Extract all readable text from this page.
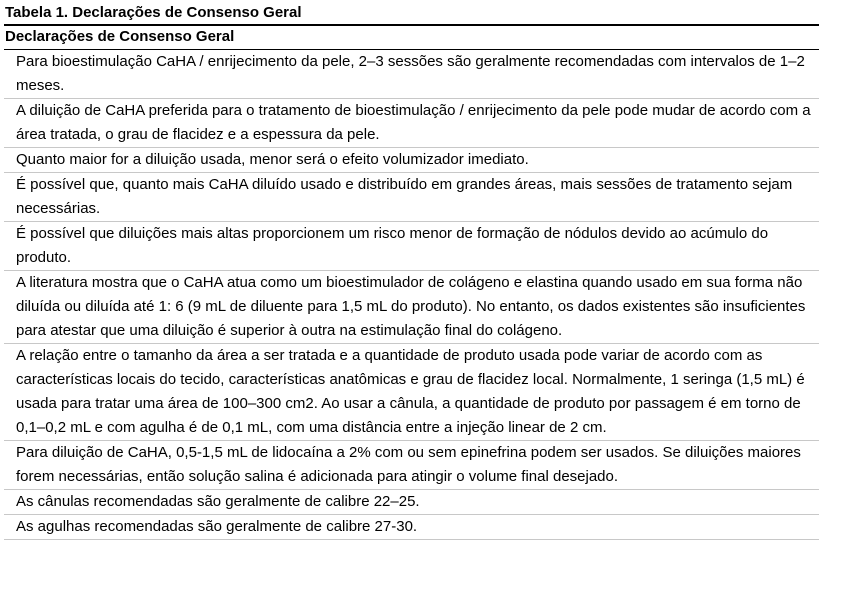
Tabela 1. Declarações de Consenso Geral
Declarações de Consenso Geral
Para bioestimulação CaHA / enrijecimento da pele, 2–3 sessões são geralmente recomendadas com intervalos de 1–2 meses.
A diluição de CaHA preferida para o tratamento de bioestimulação / enrijecimento da pele pode mudar de acordo com a área tratada, o grau de flacidez e a espessura da pele.
Quanto maior for a diluição usada, menor será o efeito volumizador imediato.
É possível que, quanto mais CaHA diluído usado e distribuído em grandes áreas, mais sessões de tratamento sejam necessárias.
É possível que diluições mais altas proporcionem um risco menor de formação de nódulos devido ao acúmulo do produto.
A literatura mostra que o CaHA atua como um bioestimulador de colágeno e elastina quando usado em sua forma não diluída ou diluída até 1: 6 (9 mL de diluente para 1,5 mL do produto). No entanto, os dados existentes são insuficientes para atestar que uma diluição é superior à outra na estimulação final do colágeno.
A relação entre o tamanho da área a ser tratada e a quantidade de produto usada pode variar de acordo com as características locais do tecido, características anatômicas e grau de flacidez local. Normalmente, 1 seringa (1,5 mL) é usada para tratar uma área de 100–300 cm2. Ao usar a cânula, a quantidade de produto por passagem é em torno de 0,1–0,2 mL e com agulha é de 0,1 mL, com uma distância entre a injeção linear de 2 cm.
Para diluição de CaHA, 0,5-1,5 mL de lidocaína a 2% com ou sem epinefrina podem ser usados. Se diluições maiores forem necessárias, então solução salina é adicionada para atingir o volume final desejado.
As cânulas recomendadas são geralmente de calibre 22–25.
As agulhas recomendadas são geralmente de calibre 27-30.
